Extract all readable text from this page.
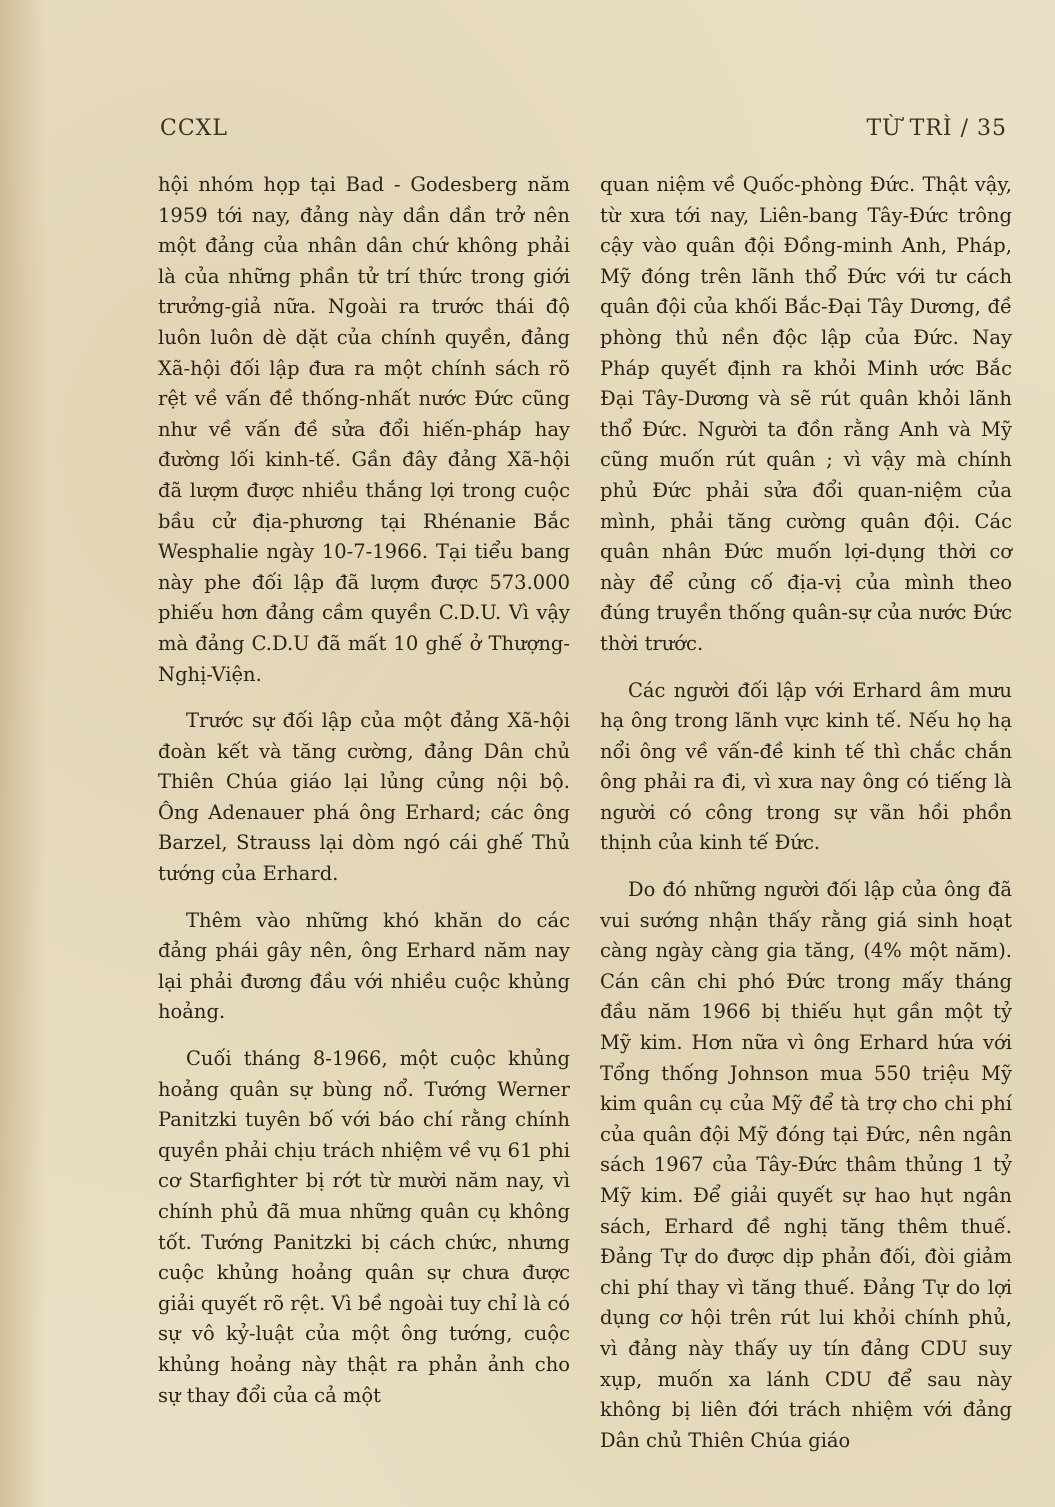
CCXL	TỪ TRÌ / 35

hội nhóm họp tại Bad - Godesberg năm 1959 tới nay, đảng này dần dần trở nên một đảng của nhân dân chứ không phải là của những phần tử trí thức trong giới trưởng-giả nữa. Ngoài ra trước thái độ luôn luôn dè dặt của chính quyền, đảng Xã-hội đối lập đưa ra một chính sách rõ rệt về vấn đề thống-nhất nước Đức cũng như về vấn đề sửa đổi hiến-pháp hay đường lối kinh-tế. Gần đây đảng Xã-hội đã lượm được nhiều thắng lợi trong cuộc bầu cử địa-phương tại Rhénanie Bắc Wesphalie ngày 10-7-1966. Tại tiểu bang này phe đối lập đã lượm được 573.000 phiếu hơn đảng cầm quyền C.D.U. Vì vậy mà đảng C.D.U đã mất 10 ghế ở Thượng-Nghị-Viện.

Trước sự đối lập của một đảng Xã-hội đoàn kết và tăng cường, đảng Dân chủ Thiên Chúa giáo lại lủng củng nội bộ. Ông Adenauer phá ông Erhard; các ông Barzel, Strauss lại dòm ngó cái ghế Thủ tướng của Erhard.

Thêm vào những khó khăn do các đảng phái gây nên, ông Erhard năm nay lại phải đương đầu với nhiều cuộc khủng hoảng.

Cuối tháng 8-1966, một cuộc khủng hoảng quân sự bùng nổ. Tướng Werner Panitzki tuyên bố với báo chí rằng chính quyền phải chịu trách nhiệm về vụ 61 phi cơ Starfighter bị rớt từ mười năm nay, vì chính phủ đã mua những quân cụ không tốt. Tướng Panitzki bị cách chức, nhưng cuộc khủng hoảng quân sự chưa được giải quyết rõ rệt. Vì bề ngoài tuy chỉ là có sự vô kỷ-luật của một ông tướng, cuộc khủng hoảng này thật ra phản ảnh cho sự thay đổi của cả một

quan niệm về Quốc-phòng Đức. Thật vậy, từ xưa tới nay, Liên-bang Tây-Đức trông cậy vào quân đội Đồng-minh Anh, Pháp, Mỹ đóng trên lãnh thổ Đức với tư cách quân đội của khối Bắc-Đại Tây Dương, đề phòng thủ nền độc lập của Đức. Nay Pháp quyết định ra khỏi Minh ước Bắc Đại Tây-Dương và sẽ rút quân khỏi lãnh thổ Đức. Người ta đồn rằng Anh và Mỹ cũng muốn rút quân ; vì vậy mà chính phủ Đức phải sửa đổi quan-niệm của mình, phải tăng cường quân đội. Các quân nhân Đức muốn lợi-dụng thời cơ này để củng cố địa-vị của mình theo đúng truyền thống quân-sự của nước Đức thời trước.

Các người đối lập với Erhard âm mưu hạ ông trong lãnh vực kinh tế. Nếu họ hạ nổi ông về vấn-đề kinh tế thì chắc chắn ông phải ra đi, vì xưa nay ông có tiếng là người có công trong sự vãn hồi phồn thịnh của kinh tế Đức.

Do đó những người đối lập của ông đã vui sướng nhận thấy rằng giá sinh hoạt càng ngày càng gia tăng, (4% một năm). Cán cân chi phó Đức trong mấy tháng đầu năm 1966 bị thiếu hụt gần một tỷ Mỹ kim. Hơn nữa vì ông Erhard hứa với Tổng thống Johnson mua 550 triệu Mỹ kim quân cụ của Mỹ để tà trợ cho chi phí của quân đội Mỹ đóng tại Đức, nên ngân sách 1967 của Tây-Đức thâm thủng 1 tỷ Mỹ kim. Để giải quyết sự hao hụt ngân sách, Erhard đề nghị tăng thêm thuế. Đảng Tự do được dịp phản đối, đòi giảm chi phí thay vì tăng thuế. Đảng Tự do lợi dụng cơ hội trên rút lui khỏi chính phủ, vì đảng này thấy uy tín đảng CDU suy xụp, muốn xa lánh CDU để sau này không bị liên đới trách nhiệm với đảng Dân chủ Thiên Chúa giáo
